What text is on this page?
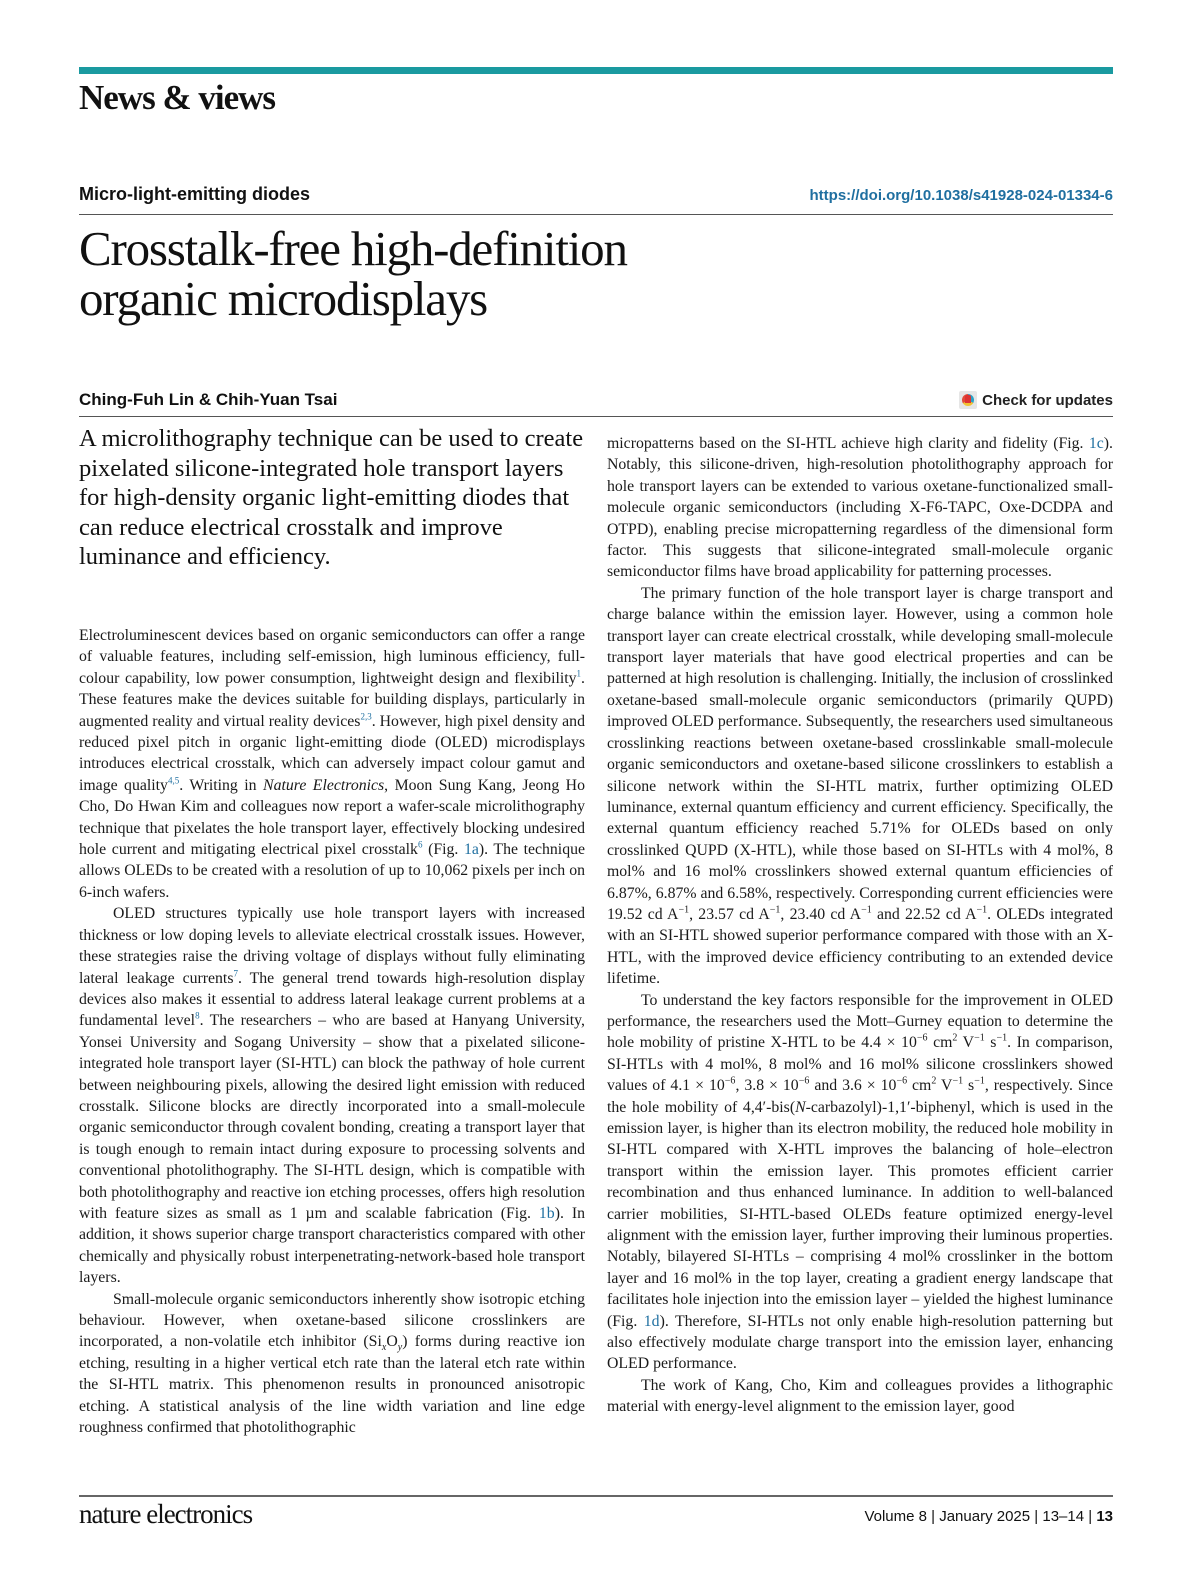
News & views
Micro-light-emitting diodes	https://doi.org/10.1038/s41928-024-01334-6
Crosstalk-free high-definition
organic microdisplays
Ching-Fuh Lin & Chih-Yuan Tsai	Check for updates

A microlithography technique can be used to create pixelated silicone-integrated hole transport layers for high-density organic light-emitting diodes that can reduce electrical crosstalk and improve luminance and efficiency.

Electroluminescent devices based on organic semiconductors can offer a range of valuable features, including self-emission, high luminous efficiency, full-colour capability, low power consumption, lightweight design and flexibility$^1$. These features make the devices suitable for building displays, particularly in augmented reality and virtual reality devices$^{2,3}$. However, high pixel density and reduced pixel pitch in organic light-emitting diode (OLED) microdisplays introduces electrical crosstalk, which can adversely impact colour gamut and image quality$^{4,5}$. Writing in Nature Electronics, Moon Sung Kang, Jeong Ho Cho, Do Hwan Kim and colleagues now report a wafer-scale microlithography technique that pixelates the hole transport layer, effectively blocking undesired hole current and mitigating electrical pixel crosstalk$^6$ (Fig. 1a). The technique allows OLEDs to be created with a resolution of up to 10,062 pixels per inch on 6-inch wafers.

OLED structures typically use hole transport layers with increased thickness or low doping levels to alleviate electrical crosstalk issues. However, these strategies raise the driving voltage of displays without fully eliminating lateral leakage currents$^7$. The general trend towards high-resolution display devices also makes it essential to address lateral leakage current problems at a fundamental level$^8$. The researchers – who are based at Hanyang University, Yonsei University and Sogang University – show that a pixelated silicone-integrated hole transport layer (SI-HTL) can block the pathway of hole current between neighbouring pixels, allowing the desired light emission with reduced crosstalk. Silicone blocks are directly incorporated into a small-molecule organic semiconductor through covalent bonding, creating a transport layer that is tough enough to remain intact during exposure to processing solvents and conventional photolithography. The SI-HTL design, which is compatible with both photolithography and reactive ion etching processes, offers high resolution with feature sizes as small as 1 µm and scalable fabrication (Fig. 1b). In addition, it shows superior charge transport characteristics compared with other chemically and physically robust interpenetrating-network-based hole transport layers.

Small-molecule organic semiconductors inherently show isotropic etching behaviour. However, when oxetane-based silicone crosslinkers are incorporated, a non-volatile etch inhibitor $(Si_xO_y)$ forms during reactive ion etching, resulting in a higher vertical etch rate than the lateral etch rate within the SI-HTL matrix. This phenomenon results in pronounced anisotropic etching. A statistical analysis of the line width variation and line edge roughness confirmed that photolithographic

micropatterns based on the SI-HTL achieve high clarity and fidelity (Fig. 1c). Notably, this silicone-driven, high-resolution photolithography approach for hole transport layers can be extended to various oxetane-functionalized small-molecule organic semiconductors (including X-F6-TAPC, Oxe-DCDPA and OTPD), enabling precise micropatterning regardless of the dimensional form factor. This suggests that silicone-integrated small-molecule organic semiconductor films have broad applicability for patterning processes.

The primary function of the hole transport layer is charge transport and charge balance within the emission layer. However, using a common hole transport layer can create electrical crosstalk, while developing small-molecule transport layer materials that have good electrical properties and can be patterned at high resolution is challenging. Initially, the inclusion of crosslinked oxetane-based small-molecule organic semiconductors (primarily QUPD) improved OLED performance. Subsequently, the researchers used simultaneous crosslinking reactions between oxetane-based crosslinkable small-molecule organic semiconductors and oxetane-based silicone crosslinkers to establish a silicone network within the SI-HTL matrix, further optimizing OLED luminance, external quantum efficiency and current efficiency. Specifically, the external quantum efficiency reached 5.71% for OLEDs based on only crosslinked QUPD (X-HTL), while those based on SI-HTLs with 4 mol%, 8 mol% and 16 mol% crosslinkers showed external quantum efficiencies of 6.87%, 6.87% and 6.58%, respectively. Corresponding current efficiencies were 19.52 cd $A^{-1}$, 23.57 cd $A^{-1}$, 23.40 cd $A^{-1}$ and 22.52 cd $A^{-1}$. OLEDs integrated with an SI-HTL showed superior performance compared with those with an X-HTL, with the improved device efficiency contributing to an extended device lifetime.

To understand the key factors responsible for the improvement in OLED performance, the researchers used the Mott–Gurney equation to determine the hole mobility of pristine X-HTL to be $4.4 \times 10^{-6}$ $cm^2$ $V^{-1}$ $s^{-1}$. In comparison, SI-HTLs with 4 mol%, 8 mol% and 16 mol% silicone crosslinkers showed values of $4.1 \times 10^{-6}$, $3.8 \times 10^{-6}$ and $3.6 \times 10^{-6}$ $cm^2$ $V^{-1}$ $s^{-1}$, respectively. Since the hole mobility of 4,4′-bis(N-carbazolyl)-1,1′-biphenyl, which is used in the emission layer, is higher than its electron mobility, the reduced hole mobility in SI-HTL compared with X-HTL improves the balancing of hole–electron transport within the emission layer. This promotes efficient carrier recombination and thus enhanced luminance. In addition to well-balanced carrier mobilities, SI-HTL-based OLEDs feature optimized energy-level alignment with the emission layer, further improving their luminous properties. Notably, bilayered SI-HTLs – comprising 4 mol% crosslinker in the bottom layer and 16 mol% in the top layer, creating a gradient energy landscape that facilitates hole injection into the emission layer – yielded the highest luminance (Fig. 1d). Therefore, SI-HTLs not only enable high-resolution patterning but also effectively modulate charge transport into the emission layer, enhancing OLED performance.

The work of Kang, Cho, Kim and colleagues provides a lithographic material with energy-level alignment to the emission layer, good

nature electronics	Volume 8 | January 2025 | 13–14 | 13
